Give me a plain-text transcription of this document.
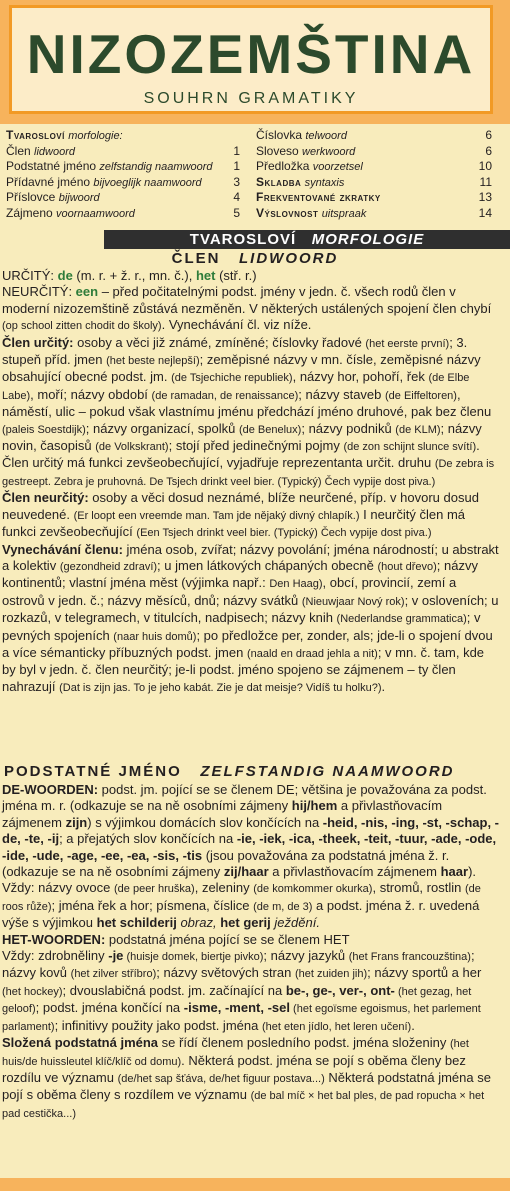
NIZOZEMŠTINA
SOUHRN GRAMATIKY
Tvarosloví morfologie:
Člen lidwoord	1
Podstatné jméno zelfstandig naamwoord 1
Přídavné jméno bijvoeglijk naamwoord	3
Příslovce bijwoord	4
Zájmeno voornaamwoord	5
Číslovka telwoord	6
Sloveso werkwoord	6
Předložka voorzetsel	10
Skladba syntaxis	11
Frekventované zkratky	13
Výslovnost uitspraak	14
TVAROSLOVÍ MORFOLOGIE
ČLEN LIDWOORD
URČITÝ: de (m. r. + ž. r., mn. č.), het (stř. r.)
NEURČITÝ: een – před počitatelnými podst. jmény v jedn. č. všech rodů člen v moderní nizozemštině zůstává nezměněn. V některých ustálených spojení člen chybí (op school zitten chodit do školy). Vynechávání čl. viz níže.
Člen určitý: osoby a věci již známé, zmíněné; číslovky řadové (het eerste první); 3. stupeň příd. jmen (het beste nejlepší); zeměpisné názvy v mn. čísle, zeměpisné názvy obsahující obecné podst. jm. (de Tsjechiche republiek), názvy hor, pohoří, řek (de Elbe Labe), moří; názvy období (de ramadan, de renaissance); názvy staveb (de Eiffeltoren), náměstí, ulic – pokud však vlastnímu jménu předchází jméno druhové, pak bez členu (paleis Soestdijk); názvy organizací, spolků (de Benelux); názvy podniků (de KLM); názvy novin, časopisů (de Volkskrant); stojí před jedinečnými pojmy (de zon schijnt slunce svítí). Člen určitý má funkci zevšeobecňující, vyjadřuje reprezentanta určit. druhu (De zebra is gestreept. Zebra je pruhovná. De Tsjech drinkt veel bier. (Typický) Čech vypije dost piva.)
Člen neurčitý: osoby a věci dosud neznámé, blíže neurčené, příp. v hovoru dosud neuvedené. (Er loopt een vreemde man. Tam jde nějaký divný chlapík.) I neurčitý člen má funkci zevšeobecňující (Een Tsjech drinkt veel bier. (Typický) Čech vypije dost piva.)
Vynechávání členu: jména osob, zvířat; názvy povolání; jména národností; u abstrakt a kolektiv (gezondheid zdraví); u jmen látkových chápaných obecně (hout dřevo); názvy kontinentů; vlastní jména měst (výjimka např.: Den Haag), obcí, provincií, zemí a ostrovů v jedn. č.; názvy měsíců, dnů; názvy svátků (Nieuwjaar Nový rok); v osloveních; u rozkazů, v telegramech, v titulcích, nadpisech; názvy knih (Nederlandse grammatica); v pevných spojeních (naar huis domů); po předložce per, zonder, als; jde-li o spojení dvou a více sémanticky příbuzných podst. jmen (naald en draad jehla a nit); v mn. č. tam, kde by byl v jedn. č. člen neurčitý; je-li podst. jméno spojeno se zájmenem – ty člen nahrazují (Dat is zijn jas. To je jeho kabát. Zie je dat meisje? Vidíš tu holku?).
PODSTATNÉ JMÉNO ZELFSTANDIG NAAMWOORD
DE-WOORDEN: podst. jm. pojící se se členem DE; většina je považována za podst. jména m. r. (odkazuje se na ně osobními zájmeny hij/hem a přivlastňovacím zájmenem zijn) s výjimkou domácích slov končících na -heid, -nis, -ing, -st, -schap, -de, -te, -ij; a přejatých slov končících na -ie, -iek, -ica, -theek, -teit, -tuur, -ade, -ode, -ide, -ude, -age, -ee, -ea, -sis, -tis (jsou považována za podstatná jména ž. r. (odkazuje se na ně osobními zájmeny zij/haar a přivlastňovacím zájmenem haar).
Vždy: názvy ovoce (de peer hruška), zeleniny (de komkommer okurka), stromů, rostlin (de roos růže); jména řek a hor; písmena, číslice (de m, de 3) a podst. jména ž. r. uvedená výše s výjimkou het schilderij obraz, het gerij ježdění.
HET-WOORDEN: podstatná jména pojící se se členem HET
Vždy: zdrobněliny -je (huisje domek, biertje pivko); názvy jazyků (het Frans francouzština); názvy kovů (het zilver stříbro); názvy světových stran (het zuiden jih); názvy sportů a her (het hockey); dvouslabičná podst. jm. začínající na be-, ge-, ver-, ont- (het gezag, het geloof); podst. jména končící na -isme, -ment, -sel (het egoïsme egoismus, het parlement parlament); infinitivy použity jako podst. jména (het eten jídlo, het leren učení).
Složená podstatná jména se řídí členem posledního podst. jména složeniny (het huis/de huissleutel klíč/klíč od domu). Některá podst. jména se pojí s oběma členy bez rozdílu ve významu (de/het sap šťáva, de/het figuur postava...) Některá podstatná jména se pojí s oběma členy s rozdílem ve významu (de bal míč × het bal ples, de pad ropucha × het pad cestička...)
